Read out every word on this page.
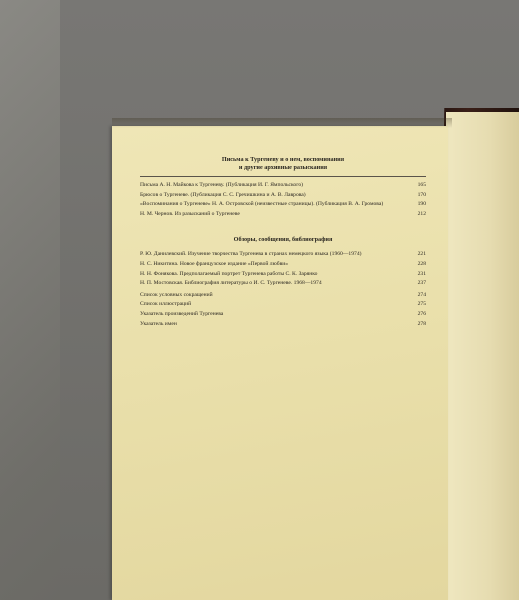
Письма к Тургеневу и о нем, воспоминания
и другие архивные разыскания
Письма А. Н. Майкова к Тургеневу. (Публикация И. Г. Ямпольского)	165
Брюсов о Тургеневе. (Публикация С. С. Гречишкина и А. В. Лаврова)	170
«Воспоминания о Тургеневе» Н. А. Островской (неизвестные страницы). (Публикация В. А. Громова)	190
Н. М. Чернов. Из разысканий о Тургеневе	212
Обзоры, сообщения, библиография
Р. Ю. Данилевский. Изучение творчества Тургенева в странах немецкого языка (1960—1974)	221
Н. С. Никитина. Новое французское издание «Первой любви»	228
Н. Н. Фонякова. Предполагаемый портрет Тургенева работы С. К. Зарянко	231
Н. П. Мостовская. Библиография литературы о И. С. Тургеневе. 1968—1974	237
Список условных сокращений	274
Список иллюстраций	275
Указатель произведений Тургенева	276
Указатель имен	278
